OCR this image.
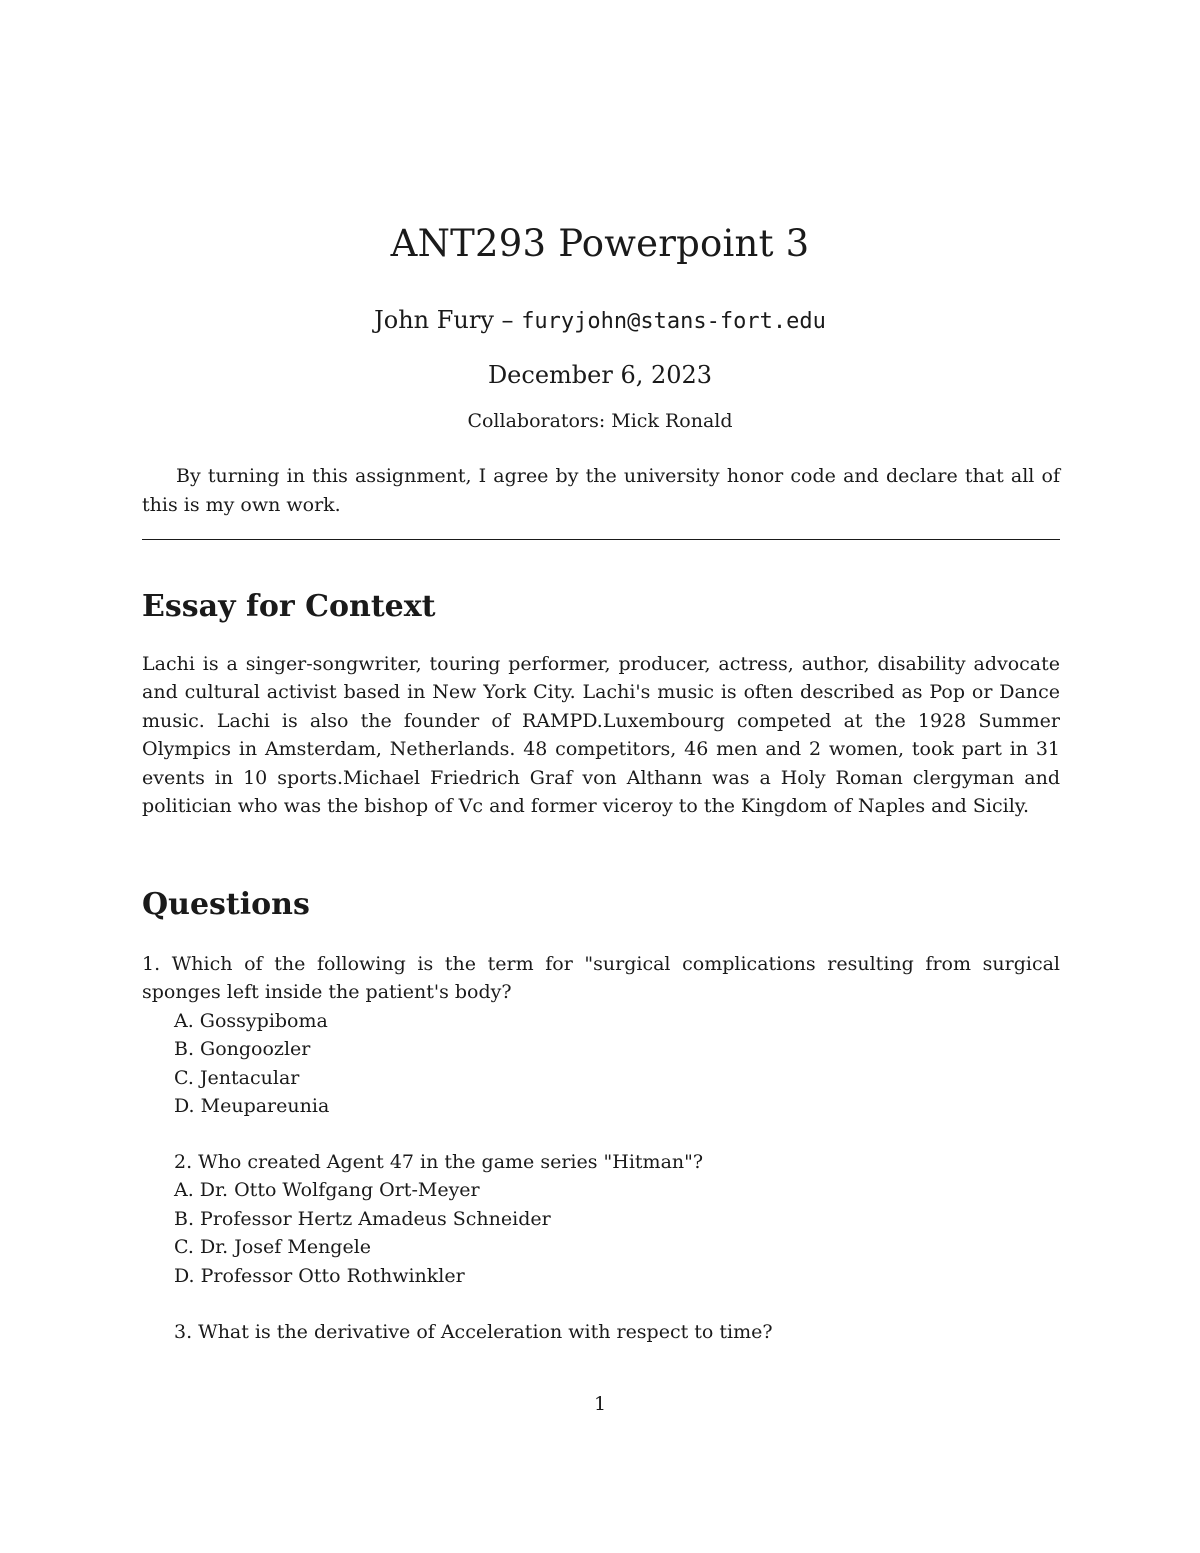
ANT293 Powerpoint 3
John Fury – furyjohn@stans-fort.edu
December 6, 2023
Collaborators: Mick Ronald

By turning in this assignment, I agree by the university honor code and declare that all of this is my own work.

Essay for Context

Lachi is a singer-songwriter, touring performer, producer, actress, author, disability advocate and cultural activist based in New York City. Lachi's music is often described as Pop or Dance music. Lachi is also the founder of RAMPD.Luxembourg competed at the 1928 Summer Olympics in Amsterdam, Netherlands. 48 competitors, 46 men and 2 women, took part in 31 events in 10 sports.Michael Friedrich Graf von Althann was a Holy Roman clergyman and politician who was the bishop of Vc and former viceroy to the Kingdom of Naples and Sicily.

Questions

1. Which of the following is the term for "surgical complications resulting from surgical sponges left inside the patient's body?

A. Gossypiboma
B. Gongoozler
C. Jentacular
D. Meupareunia

2. Who created Agent 47 in the game series "Hitman"?

A. Dr. Otto Wolfgang Ort-Meyer
B. Professor Hertz Amadeus Schneider
C. Dr. Josef Mengele
D. Professor Otto Rothwinkler

3. What is the derivative of Acceleration with respect to time?

1
